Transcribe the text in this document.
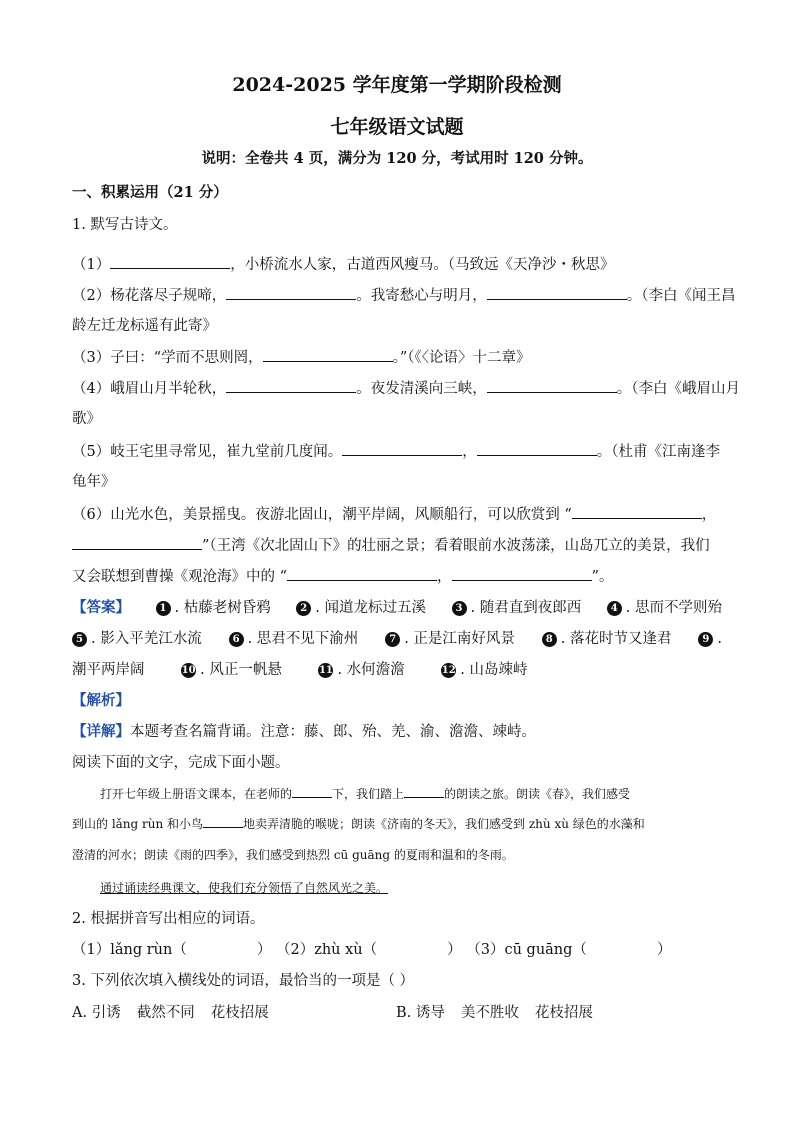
2024-2025 学年度第一学期阶段检测
七年级语文试题
说明：全卷共 4 页，满分为 120 分，考试用时 120 分钟。
一、积累运用（21 分）
1. 默写古诗文。
（1）	，小桥流水人家，古道西风瘦马。（马致远《天净沙・秋思》
（2）杨花落尽子规啼，	。我寄愁心与明月，	。（李白《闻王昌
龄左迁龙标遥有此寄》
（3）子曰：“学而不思则罔，	。”（《〈论语〉十二章》
（4）峨眉山月半轮秋，	。夜发清溪向三峡，	。（李白《峨眉山月
歌》
（5）岐王宅里寻常见，崔九堂前几度闻。	，	。（杜甫《江南逢李
龟年》
（6）山光水色，美景摇曳。夜游北固山，潮平岸阔，风顺船行，可以欣赏到 “	，
”（王湾《次北固山下》的壮丽之景；看着眼前水波荡漾，山岛兀立的美景，我们
又会联想到曹操《观沧海》中的 “	，	”。
【答案】	1 . 枯藤老树昏鸦	2 . 闻道龙标过五溪	3 . 随君直到夜郎西	4 . 思而不学则殆
5 . 影入平羌江水流	6 . 思君不见下渝州	7 . 正是江南好风景	8 . 落花时节又逢君	9 .
潮平两岸阔	10 . 风正一帆悬	11 . 水何澹澹	12 . 山岛竦峙
【解析】
【详解】本题考查名篇背诵。注意：藤、郎、殆、羌、渝、澹澹、竦峙。
阅读下面的文字，完成下面小题。
打开七年级上册语文课本，在老师的	下，我们踏上	的朗读之旅。朗读《春》，我们感受
到山的 lǎng rùn 和小鸟	地卖弄清脆的喉咙；朗读《济南的冬天》，我们感受到 zhù xù 绿色的水藻和
澄清的河水；朗读《雨的四季》，我们感受到热烈 cū guāng 的夏雨和温和的冬雨。
通过诵读经典课文，使我们充分领悟了自然风光之美。
2. 根据拼音写出相应的词语。
（1）lǎng rùn（	） （2）zhù xù（	） （3）cū guāng（	）
3. 下列依次填入横线处的词语，最恰当的一项是（ ）
A. 引诱 截然不同 花枝招展	B. 诱导 美不胜收 花枝招展
